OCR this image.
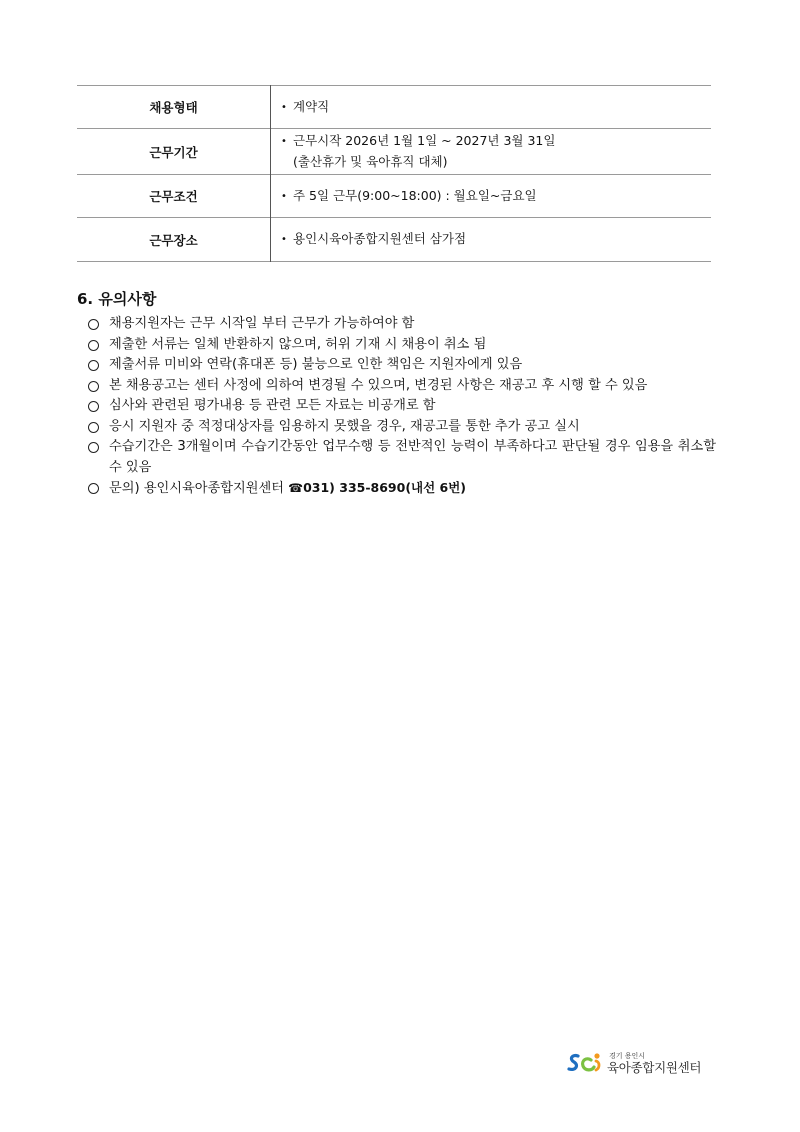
채용형태	• 계약직

근무기간	• 근무시작 2026년 1월 1일 ~ 2027년 3월 31일
(출산휴가 및 육아휴직 대체)

근무조건	• 주 5일 근무(9:00~18:00) : 월요일~금요일

근무장소	• 용인시육아종합지원센터 삼가점
6. 유의사항
채용지원자는 근무 시작일 부터 근무가 가능하여야 함
제출한 서류는 일체 반환하지 않으며, 허위 기재 시 채용이 취소 됨
제출서류 미비와 연락(휴대폰 등) 불능으로 인한 책임은 지원자에게 있음
본 채용공고는 센터 사정에 의하여 변경될 수 있으며, 변경된 사항은 재공고 후 시행 할 수 있음
심사와 관련된 평가내용 등 관련 모든 자료는 비공개로 함
응시 지원자 중 적정대상자를 임용하지 못했을 경우, 재공고를 통한 추가 공고 실시
수습기간은 3개월이며 수습기간동안 업무수행 등 전반적인 능력이 부족하다고 판단될 경우 임용을 취소할 수 있음
문의) 용인시육아종합지원센터 ☎031) 335-8690(내선 6번)
경기 용인시
육아종합지원센터
